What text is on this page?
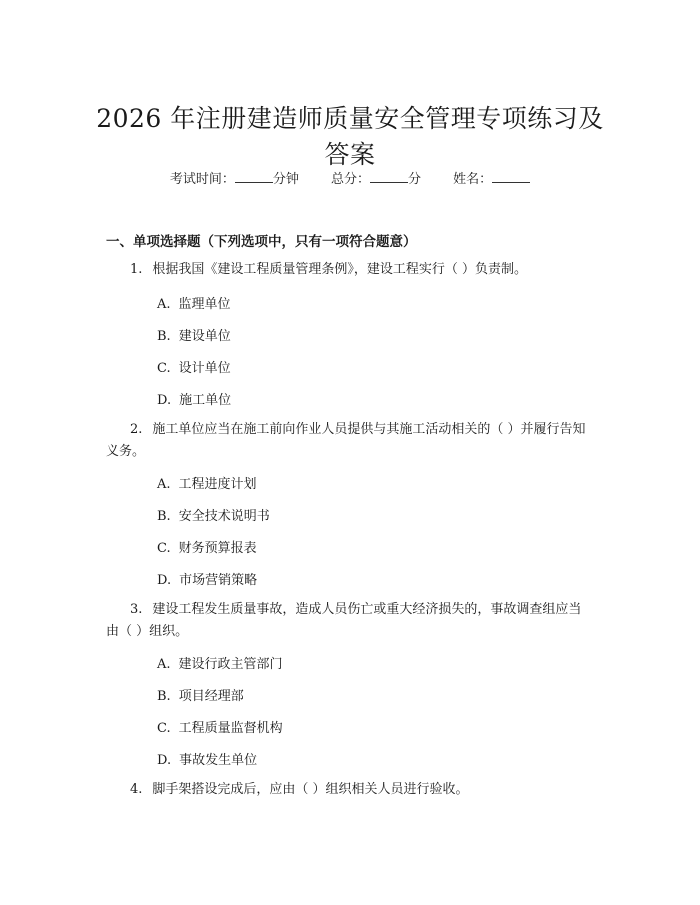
2026 年注册建造师质量安全管理专项练习及
答案
考试时间：	分钟 总分：	分 姓名：
一、单项选择题（下列选项中，只有一项符合题意）
1. 根据我国《建设工程质量管理条例》，建设工程实行（ ）负责制。
A. 监理单位
B. 建设单位
C. 设计单位
D. 施工单位
2. 施工单位应当在施工前向作业人员提供与其施工活动相关的（ ）并履行告知义务。
A. 工程进度计划
B. 安全技术说明书
C. 财务预算报表
D. 市场营销策略
3. 建设工程发生质量事故，造成人员伤亡或重大经济损失的，事故调查组应当由（ ）组织。
A. 建设行政主管部门
B. 项目经理部
C. 工程质量监督机构
D. 事故发生单位
4. 脚手架搭设完成后，应由（ ）组织相关人员进行验收。
